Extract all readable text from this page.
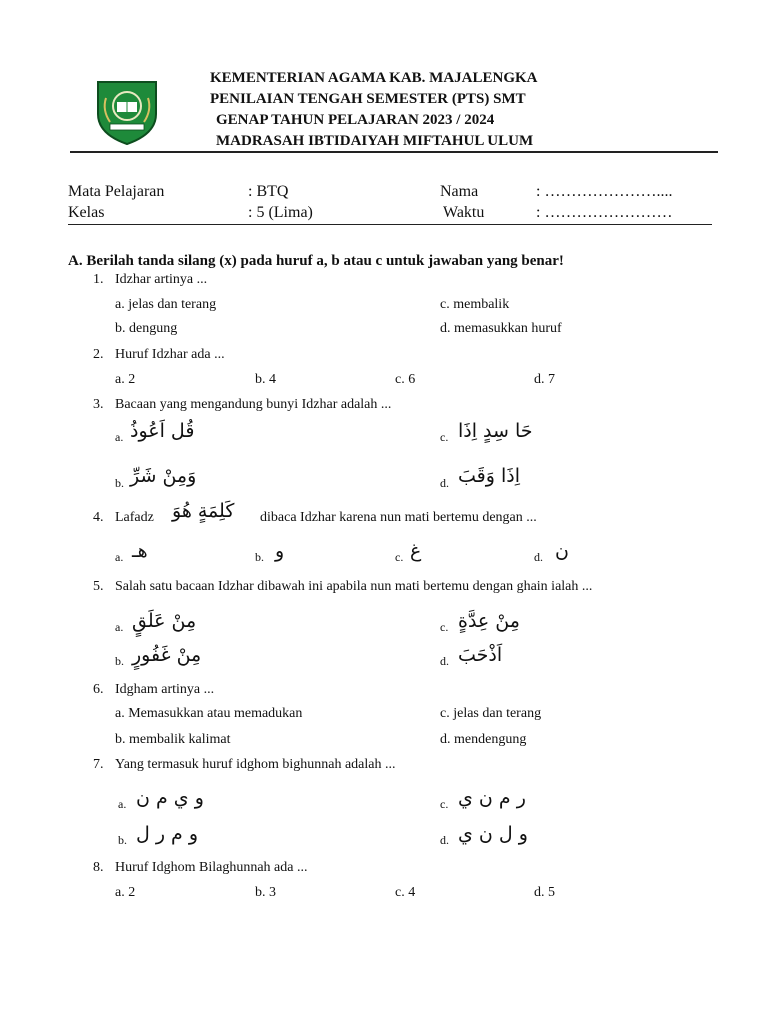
KEMENTERIAN AGAMA KAB. MAJALENGKA
PENILAIAN TENGAH SEMESTER (PTS) SMT
GENAP TAHUN PELAJARAN 2023 / 2024
MADRASAH IBTIDAIYAH MIFTAHUL ULUM
Mata Pelajaran	: BTQ	Nama	: …………………....
Kelas	: 5 (Lima)	Waktu	: ……………………
A. Berilah tanda silang (x) pada huruf a, b atau c untuk jawaban yang benar!
1. Idzhar artinya ...
a. jelas dan terang	c. membalik
b. dengung	d. memasukkan huruf
2. Huruf Idzhar ada ...
a. 2	b. 4	c. 6	d. 7
3. Bacaan yang mengandung bunyi Idzhar adalah ...
a. قُل اَعُوذُ	c. حَا سِدٍ اِذَا
b. وَمِنْ شَرِّ	d. اِذَا وَقَبَ
4. Lafadz كَلِمَةٍ هُوَ dibaca Idzhar karena nun mati bertemu dengan ...
a. هـ	b. و	c. غ	d. ن
5. Salah satu bacaan Idzhar dibawah ini apabila nun mati bertemu dengan ghain ialah ...
a. مِنْ عَلَقٍ	c. مِنْ عِدَّةٍ
b. مِنْ غَفُورٍ	d. اَذْحَبَ
6. Idgham artinya ...
a. Memasukkan atau memadukan	c. jelas dan terang
b. membalik kalimat	d. mendengung
7. Yang termasuk huruf idghom bighunnah adalah ...
a. و ي م ن	c. ر م ن ي
b. و م ر ل	d. و ل ن ي
8. Huruf Idghom Bilaghunnah ada ...
a. 2	b. 3	c. 4	d. 5
